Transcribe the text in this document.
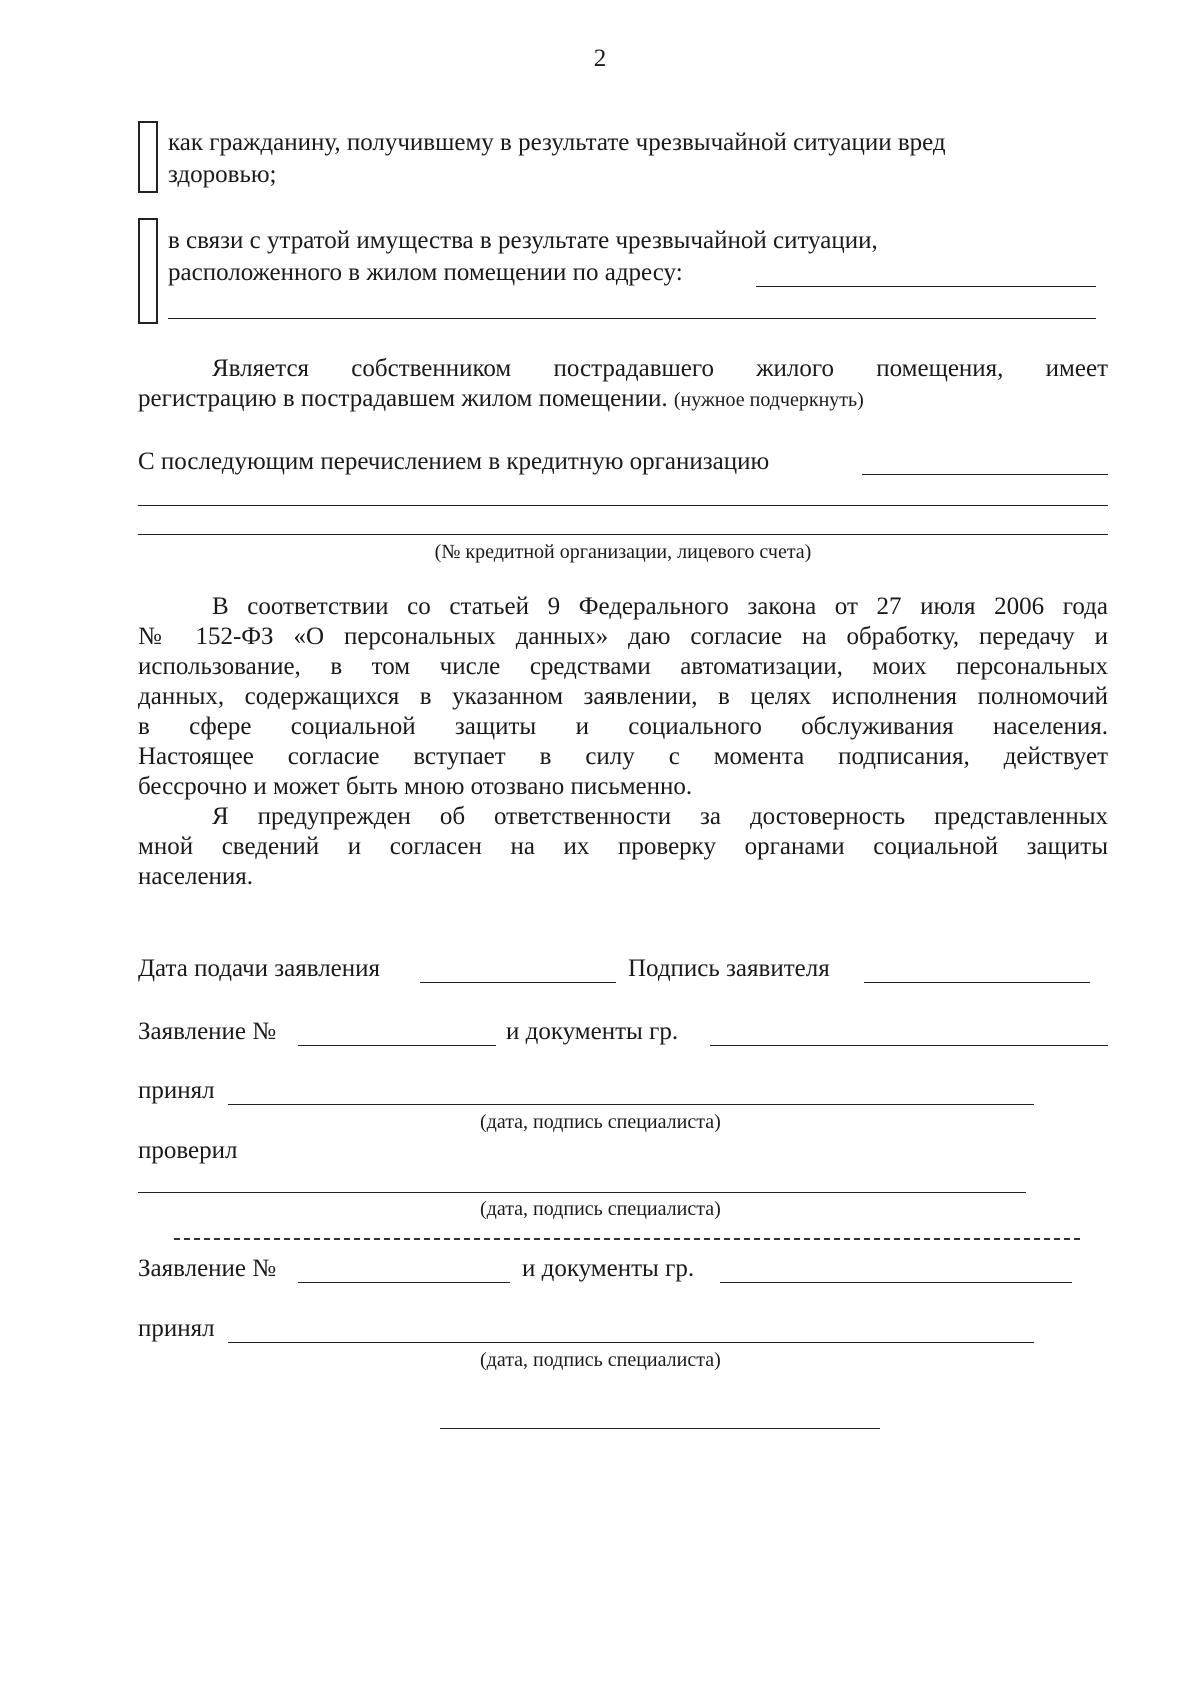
2
как гражданину, получившему в результате чрезвычайной ситуации вред
здоровью;
в связи с утратой имущества в результате чрезвычайной ситуации,
расположенного в жилом помещении по адресу:
Является собственником пострадавшего жилого помещения, имеет
регистрацию в пострадавшем жилом помещении. (нужное подчеркнуть)
С последующим перечислением в кредитную организацию
(№ кредитной организации, лицевого счета)
В соответствии со статьей 9 Федерального закона от 27 июля 2006 года
№ 152-ФЗ «О персональных данных» даю согласие на обработку, передачу и
использование, в том числе средствами автоматизации, моих персональных
данных, содержащихся в указанном заявлении, в целях исполнения полномочий
в сфере социальной защиты и социального обслуживания населения.
Настоящее согласие вступает в силу с момента подписания, действует
бессрочно и может быть мною отозвано письменно.
Я предупрежден об ответственности за достоверность представленных
мной сведений и согласен на их проверку органами социальной защиты
населения.
Дата подачи заявления	Подпись заявителя
Заявление №	и документы гр.
принял
(дата, подпись специалиста)
проверил
(дата, подпись специалиста)
Заявление №	и документы гр.
принял
(дата, подпись специалиста)
